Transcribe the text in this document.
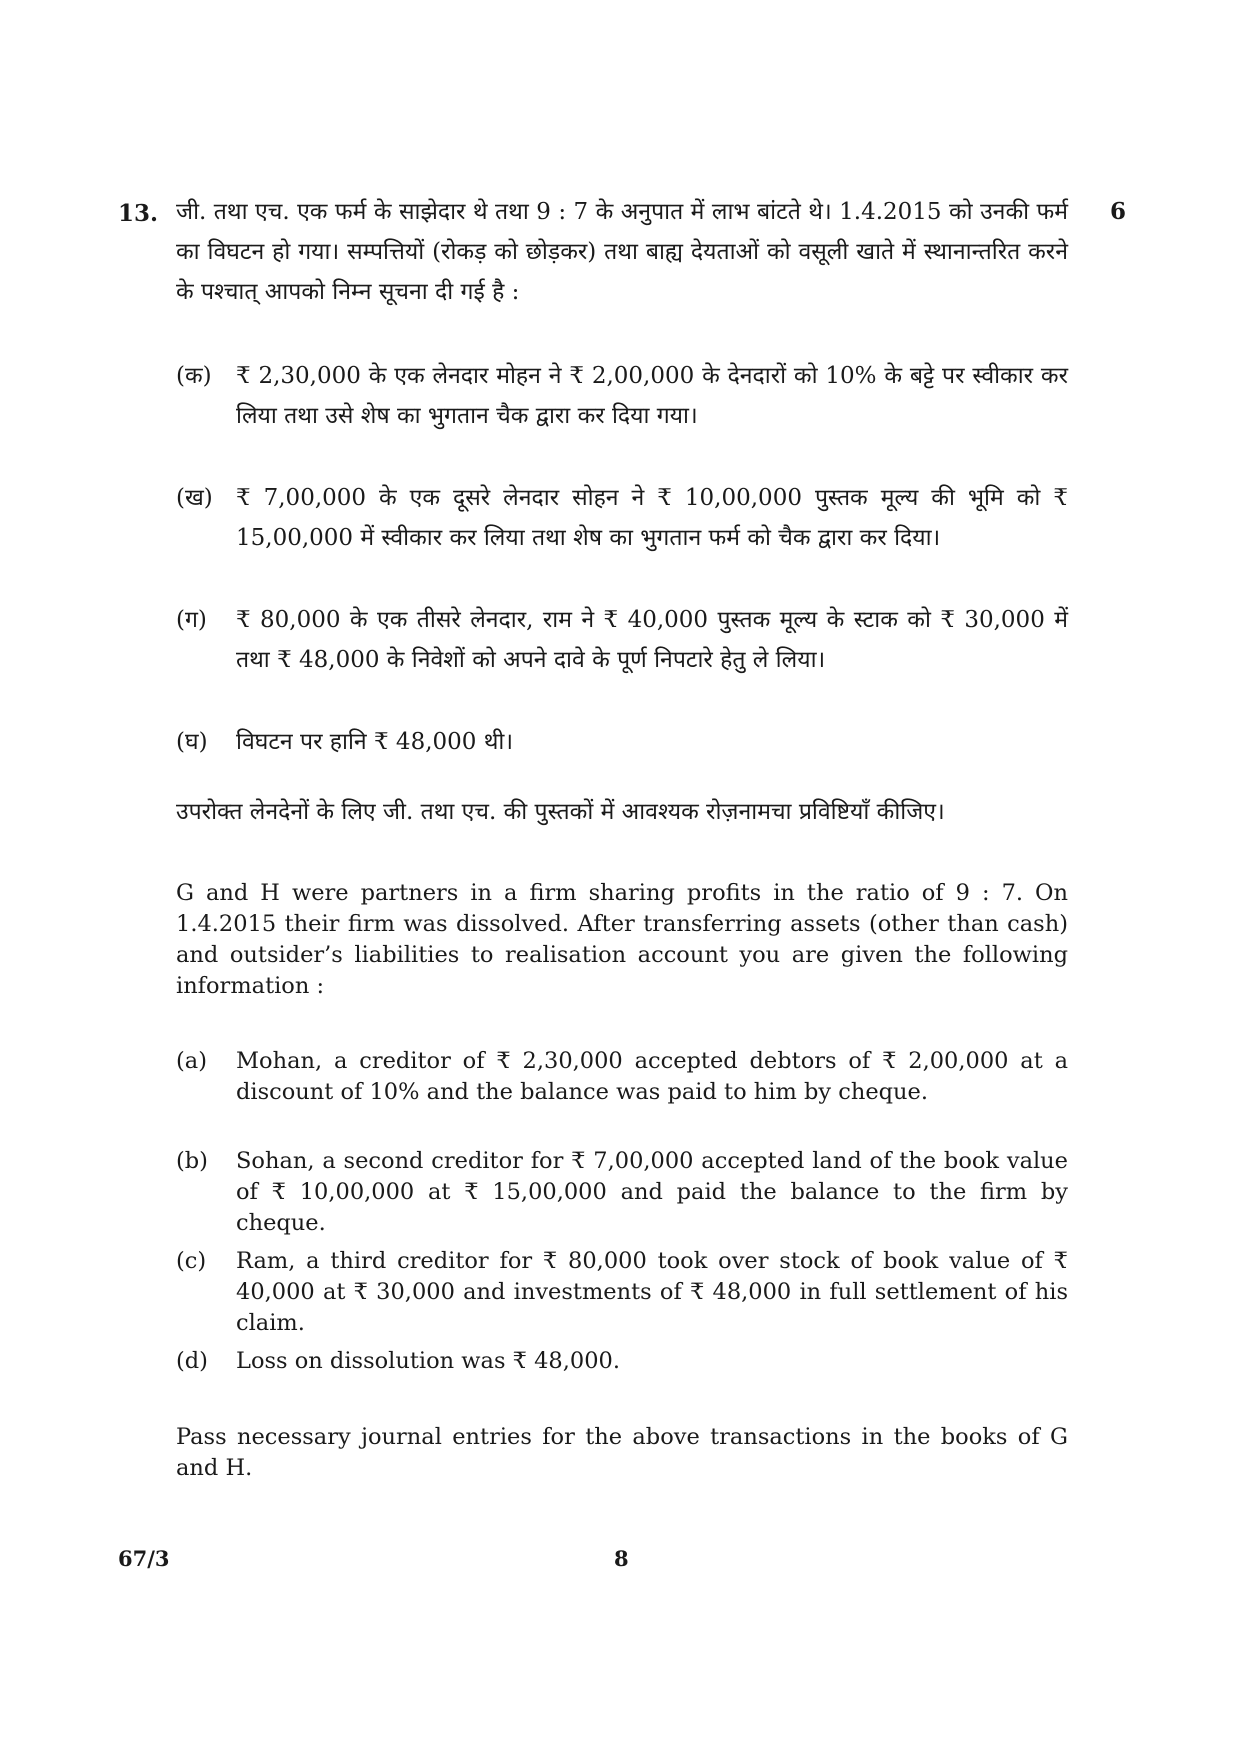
13.	6
जी. तथा एच. एक फर्म के साझेदार थे तथा 9 : 7 के अनुपात में लाभ बांटते थे। 1.4.2015 को उनकी फर्म का विघटन हो गया। सम्पत्तियों (रोकड़ को छोड़कर) तथा बाह्य देयताओं को वसूली खाते में स्थानान्तरित करने के पश्चात् आपको निम्न सूचना दी गई है :
(क) ₹ 2,30,000 के एक लेनदार मोहन ने ₹ 2,00,000 के देनदारों को 10% के बट्टे पर स्वीकार कर लिया तथा उसे शेष का भुगतान चैक द्वारा कर दिया गया।
(ख) ₹ 7,00,000 के एक दूसरे लेनदार सोहन ने ₹ 10,00,000 पुस्तक मूल्य की भूमि को ₹ 15,00,000 में स्वीकार कर लिया तथा शेष का भुगतान फर्म को चैक द्वारा कर दिया।
(ग) ₹ 80,000 के एक तीसरे लेनदार, राम ने ₹ 40,000 पुस्तक मूल्य के स्टाक को ₹ 30,000 में तथा ₹ 48,000 के निवेशों को अपने दावे के पूर्ण निपटारे हेतु ले लिया।
(घ) विघटन पर हानि ₹ 48,000 थी।
उपरोक्त लेनदेनों के लिए जी. तथा एच. की पुस्तकों में आवश्यक रोज़नामचा प्रविष्टियाँ कीजिए।
G and H were partners in a firm sharing profits in the ratio of 9 : 7. On 1.4.2015 their firm was dissolved. After transferring assets (other than cash) and outsider’s liabilities to realisation account you are given the following information :
(a) Mohan, a creditor of ₹ 2,30,000 accepted debtors of ₹ 2,00,000 at a discount of 10% and the balance was paid to him by cheque.
(b) Sohan, a second creditor for ₹ 7,00,000 accepted land of the book value of ₹ 10,00,000 at ₹ 15,00,000 and paid the balance to the firm by cheque.
(c) Ram, a third creditor for ₹ 80,000 took over stock of book value of ₹ 40,000 at ₹ 30,000 and investments of ₹ 48,000 in full settlement of his claim.
(d) Loss on dissolution was ₹ 48,000.
Pass necessary journal entries for the above transactions in the books of G and H.
67/3	8
